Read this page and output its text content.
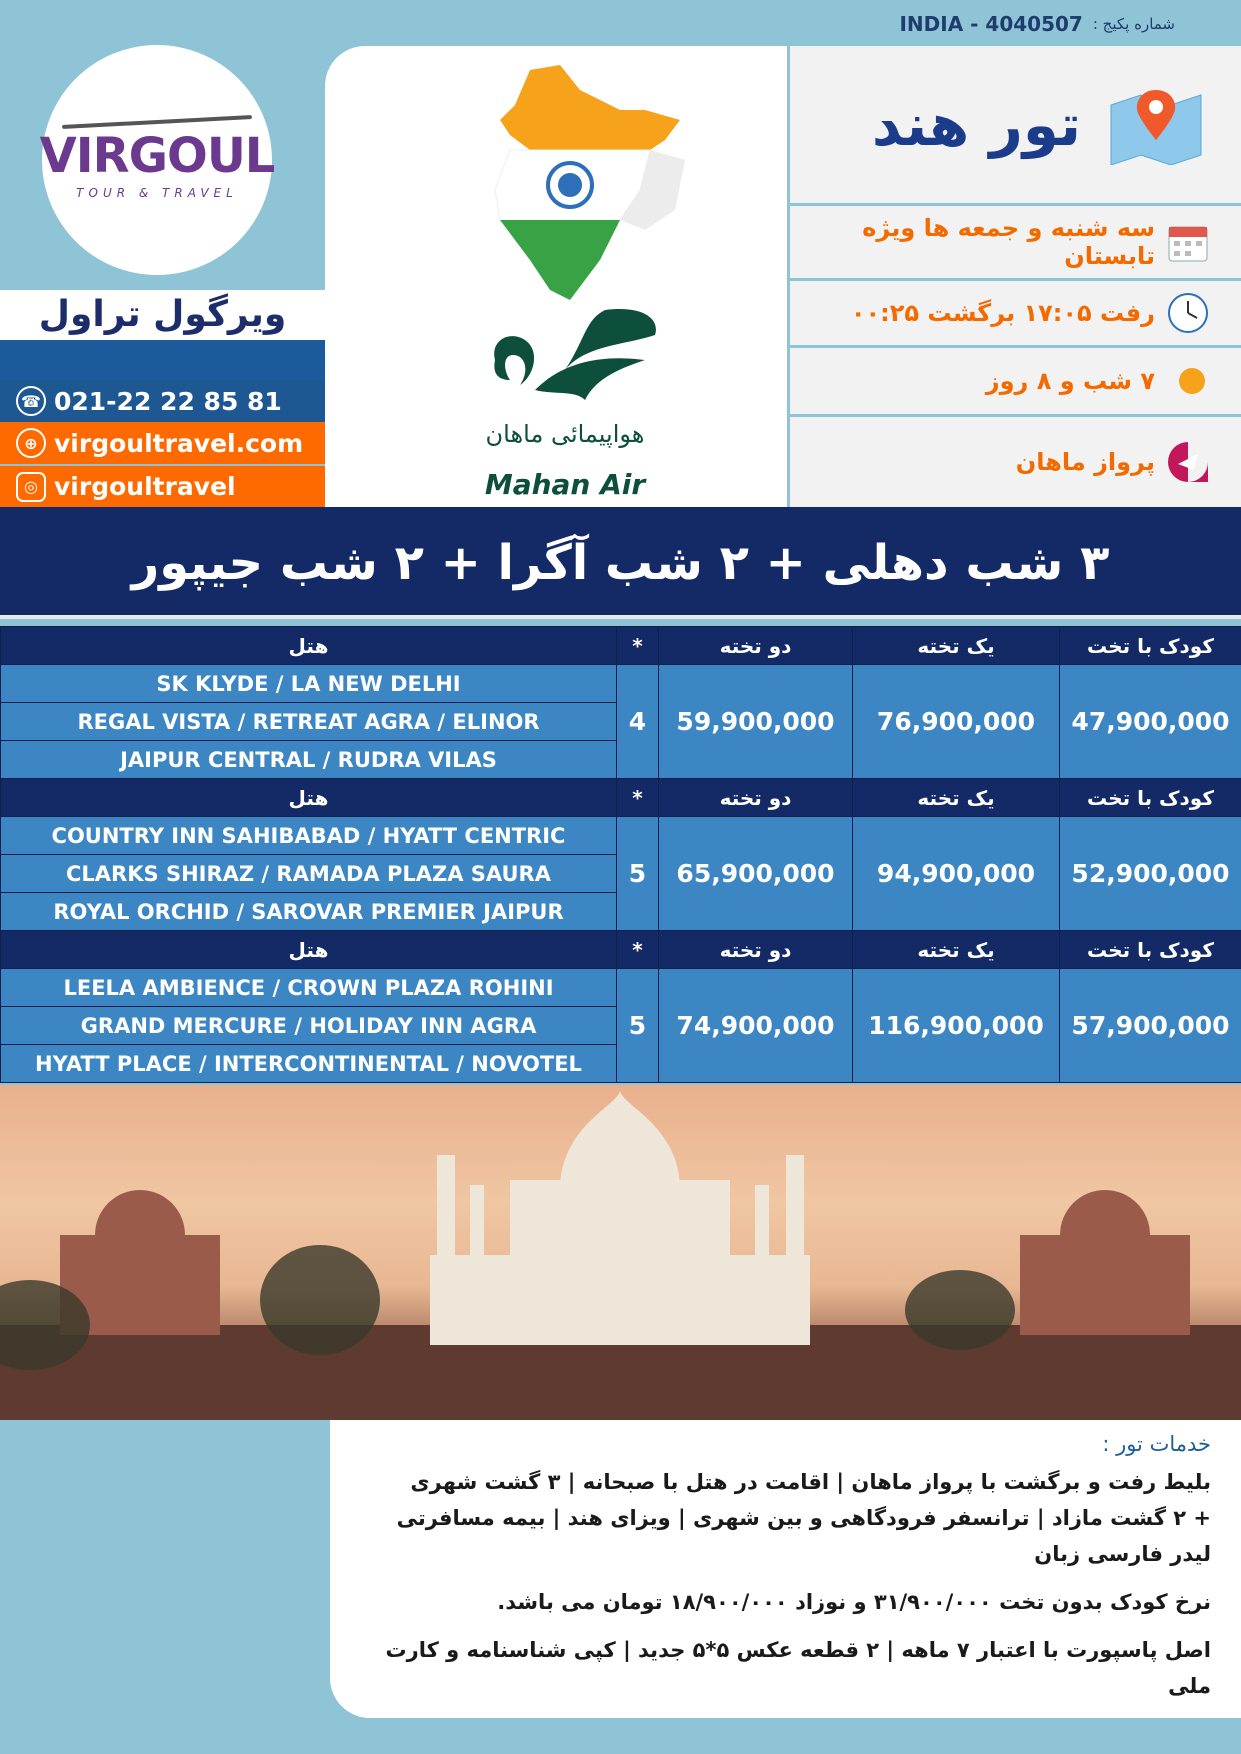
شماره پکیج :
INDIA - 4040507
VIRGOUL
TOUR & TRAVEL
ویرگول تراول
☎ 021-22 22 85 81
⊕ virgoultravel.com
◎ virgoultravel
هواپیمائی ماهان
Mahan Air
تور هند
سه شنبه و جمعه ها ویژه تابستان
رفت ۱۷:۰۵ برگشت ۰۰:۲۵
۷ شب و ۸ روز
پرواز ماهان
۳ شب دهلی + ۲ شب آگرا + ۲ شب جیپور
هتل	*	دو تخته	یک تخته	کودک با تخت
SK KLYDE / LA NEW DELHI	4	59,900,000	76,900,000	47,900,000
REGAL VISTA / RETREAT AGRA / ELINOR				
JAIPUR CENTRAL / RUDRA VILAS				
هتل	*	دو تخته	یک تخته	کودک با تخت
COUNTRY INN SAHIBABAD / HYATT CENTRIC	5	65,900,000	94,900,000	52,900,000
CLARKS SHIRAZ / RAMADA PLAZA SAURA				
ROYAL ORCHID / SAROVAR PREMIER JAIPUR				
هتل	*	دو تخته	یک تخته	کودک با تخت
LEELA AMBIENCE / CROWN PLAZA ROHINI	5	74,900,000	116,900,000	57,900,000
GRAND MERCURE / HOLIDAY INN AGRA				
HYATT PLACE / INTERCONTINENTAL / NOVOTEL				
خدمات تور :
بلیط رفت و برگشت با پرواز ماهان | اقامت در هتل با صبحانه | ۳ گشت شهری
+ ۲ گشت مازاد | ترانسفر فرودگاهی و بین شهری | ویزای هند | بیمه مسافرتی
لیدر فارسی زبان
نرخ کودک بدون تخت ۳۱/۹۰۰/۰۰۰ و نوزاد ۱۸/۹۰۰/۰۰۰ تومان می باشد.
اصل پاسپورت با اعتبار ۷ ماهه | ۲ قطعه عکس ۵*۵ جدید | کپی شناسنامه و کارت ملی
